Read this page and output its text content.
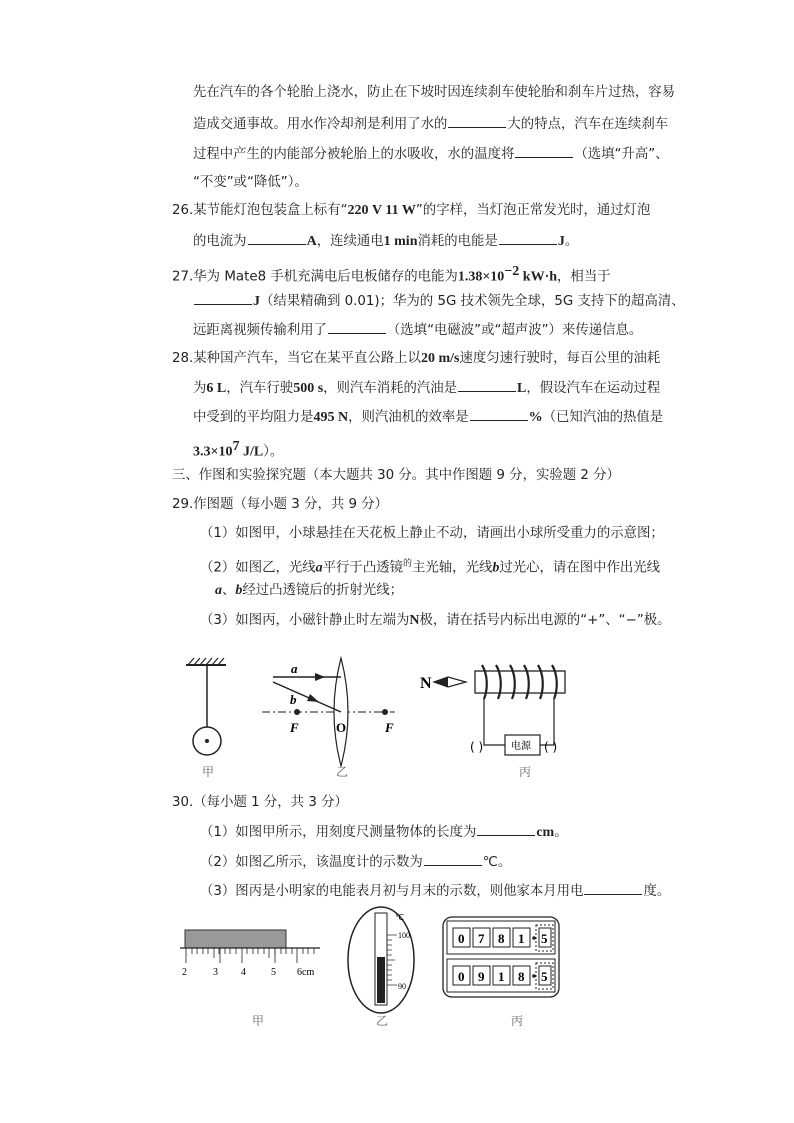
先在汽车的各个轮胎上浇水，防止在下坡时因连续刹车使轮胎和刹车片过热，容易
造成交通事故。用水作冷却剂是利用了水的	大的特点，汽车在连续刹车
过程中产生的内能部分被轮胎上的水吸收，水的温度将	（选填“升高”、
“不变”或“降低”）。
26.某节能灯泡包装盒上标有“220 V 11 W”的字样，当灯泡正常发光时，通过灯泡
的电流为	A，连续通电1 min消耗的电能是	J。
27.华为 Mate8 手机充满电后电板储存的电能为$1.38\times 10^{-2}$ kW·h，相当于
J（结果精确到 0.01)；华为的 5G 技术领先全球，5G 支持下的超高清、
远距离视频传输利用了	（选填“电磁波”或“超声波”）来传递信息。
28.某种国产汽车，当它在某平直公路上以20 m/s速度匀速行驶时，每百公里的油耗
为6 L，汽车行驶500 s，则汽车消耗的汽油是	L，假设汽车在运动过程
中受到的平均阻力是495 N，则汽油机的效率是	%（已知汽油的热值是
$3.3\times 10^7$ J/L）。
三、作图和实验探究题（本大题共 30 分。其中作图题 9 分，实验题 2 分）
29.作图题（每小题 3 分，共 9 分）
（1）如图甲，小球悬挂在天花板上静止不动，请画出小球所受重力的示意图；
（2）如图乙，光线a平行于凸透镜$^的$主光轴，光线b过光心，请在图中作出光线
a、b经过凸透镜后的折射光线；
（3）如图丙，小磁针静止时左端为N极，请在括号内标出电源的“+”、“−”极。
甲
a
b
F	O	F
乙
N
电源
( )	( )
丙
30.（每小题 1 分，共 3 分）
（1）如图甲所示，用刻度尺测量物体的长度为	cm。
（2）如图乙所示，该温度计的示数为	℃。
（3）图丙是小明家的电能表月初与月末的示数，则他家本月用电	度。
2	3 4	5 6cm
甲
℃
100
90
乙
0 7 8 1 5
0 9 1 8 5
丙
